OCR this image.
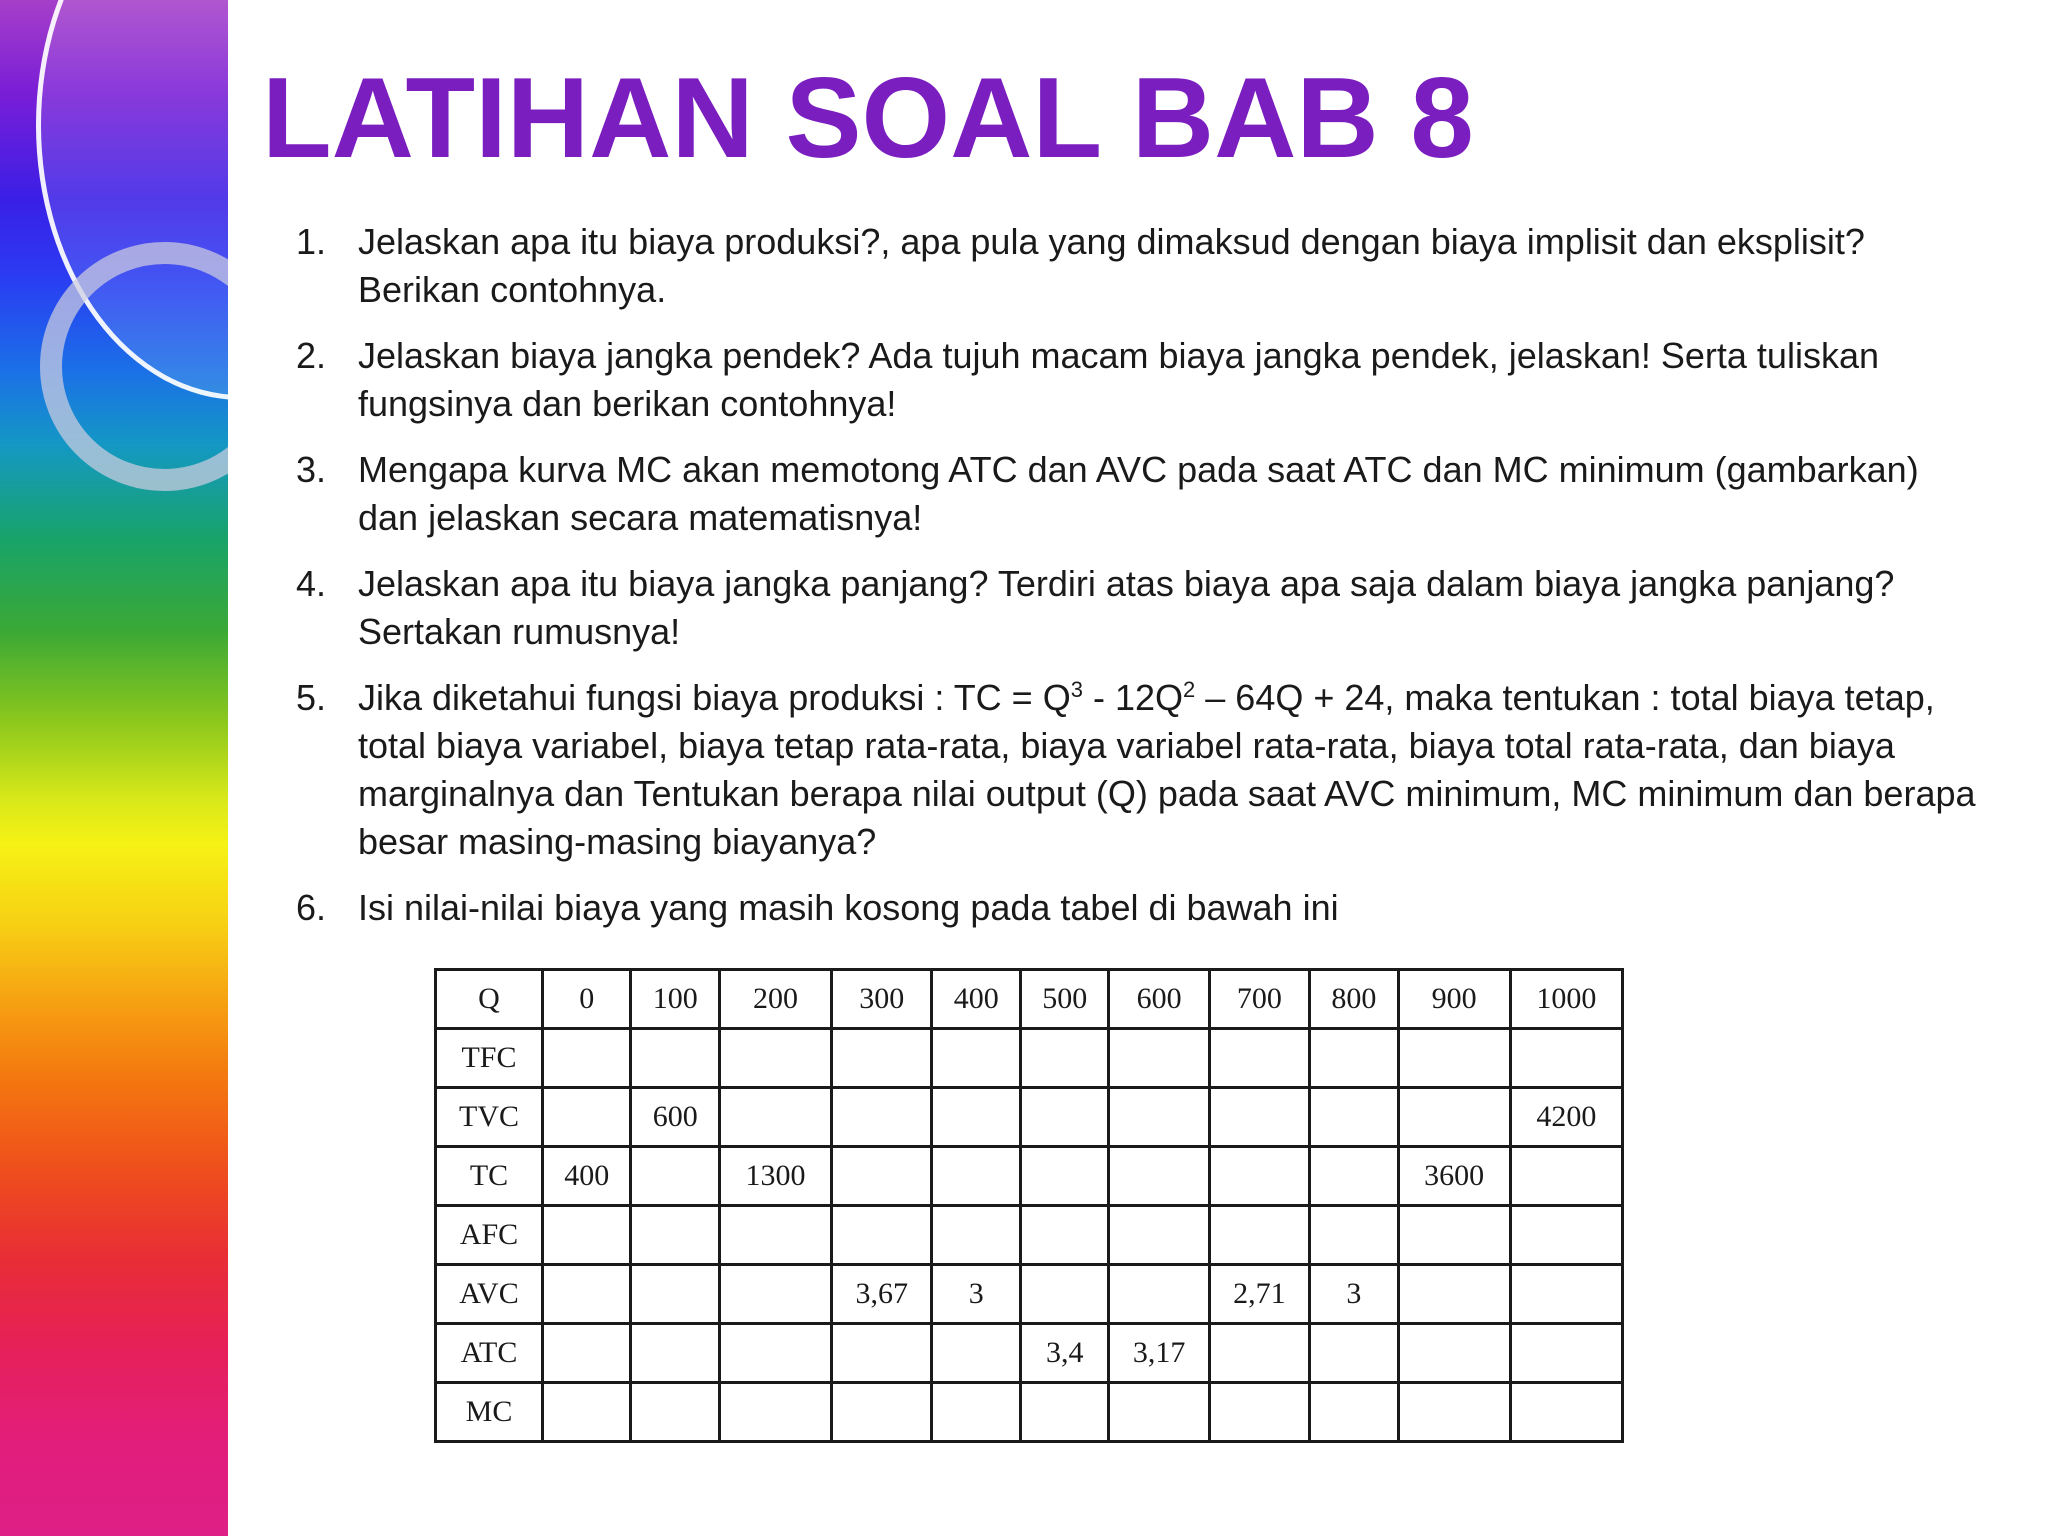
LATIHAN SOAL BAB 8
1. Jelaskan apa itu biaya produksi?, apa pula yang dimaksud dengan biaya implisit dan eksplisit? Berikan contohnya.
2. Jelaskan biaya jangka pendek? Ada tujuh macam biaya jangka pendek, jelaskan! Serta tuliskan fungsinya dan berikan contohnya!
3. Mengapa kurva MC akan memotong ATC dan AVC pada saat ATC dan MC minimum (gambarkan) dan jelaskan secara matematisnya!
4. Jelaskan apa itu biaya jangka panjang? Terdiri atas biaya apa saja dalam biaya jangka panjang? Sertakan rumusnya!
5. Jika diketahui fungsi biaya produksi : TC = $Q^3 - 12Q^2 - 64Q + 24$, maka tentukan : total biaya tetap, total biaya variabel, biaya tetap rata-rata, biaya variabel rata-rata, biaya total rata-rata, dan biaya marginalnya dan Tentukan berapa nilai output (Q) pada saat AVC minimum, MC minimum dan berapa besar masing-masing biayanya?
6. Isi nilai-nilai biaya yang masih kosong pada tabel di bawah ini
Q	0	100	200	300	400	500	600	700	800	900	1000
TFC											
TVC		600									4200
TC	400		1300							3600	
AFC											
AVC				3,67	3			2,71	3		
ATC						3,4	3,17				
MC											
